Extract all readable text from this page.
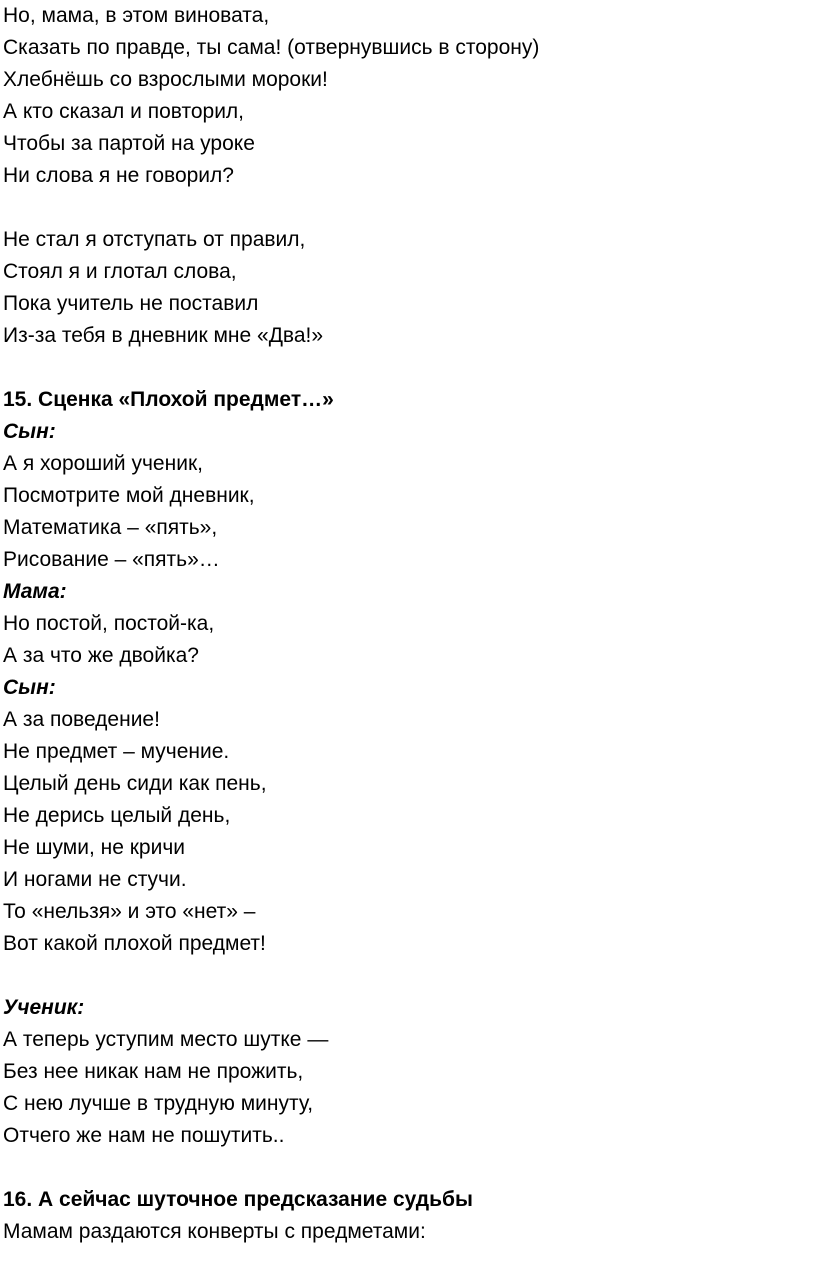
Но, мама, в этом виновата,
Сказать по правде, ты сама! (отвернувшись в сторону)
Хлебнёшь со взрослыми мороки!
А кто сказал и повторил,
Чтобы за партой на уроке
Ни слова я не говорил?
Не стал я отступать от правил,
Стоял я и глотал слова,
Пока учитель не поставил
Из-за тебя в дневник мне «Два!»
15. Сценка «Плохой предмет…»
Сын:
А я хороший ученик,
Посмотрите мой дневник,
Математика – «пять»,
Рисование – «пять»…
Мама:
Но постой, постой-ка,
А за что же двойка?
Сын:
А за поведение!
Не предмет – мучение.
Целый день сиди как пень,
Не дерись целый день,
Не шуми, не кричи
И ногами не стучи.
То «нельзя» и это «нет» –
Вот какой плохой предмет!
Ученик:
А теперь уступим место шутке —
Без нее никак нам не прожить,
С нею лучше в трудную минуту,
Отчего же нам не пошутить..
16. А сейчас шуточное предсказание судьбы
Мамам раздаются конверты с предметами:
